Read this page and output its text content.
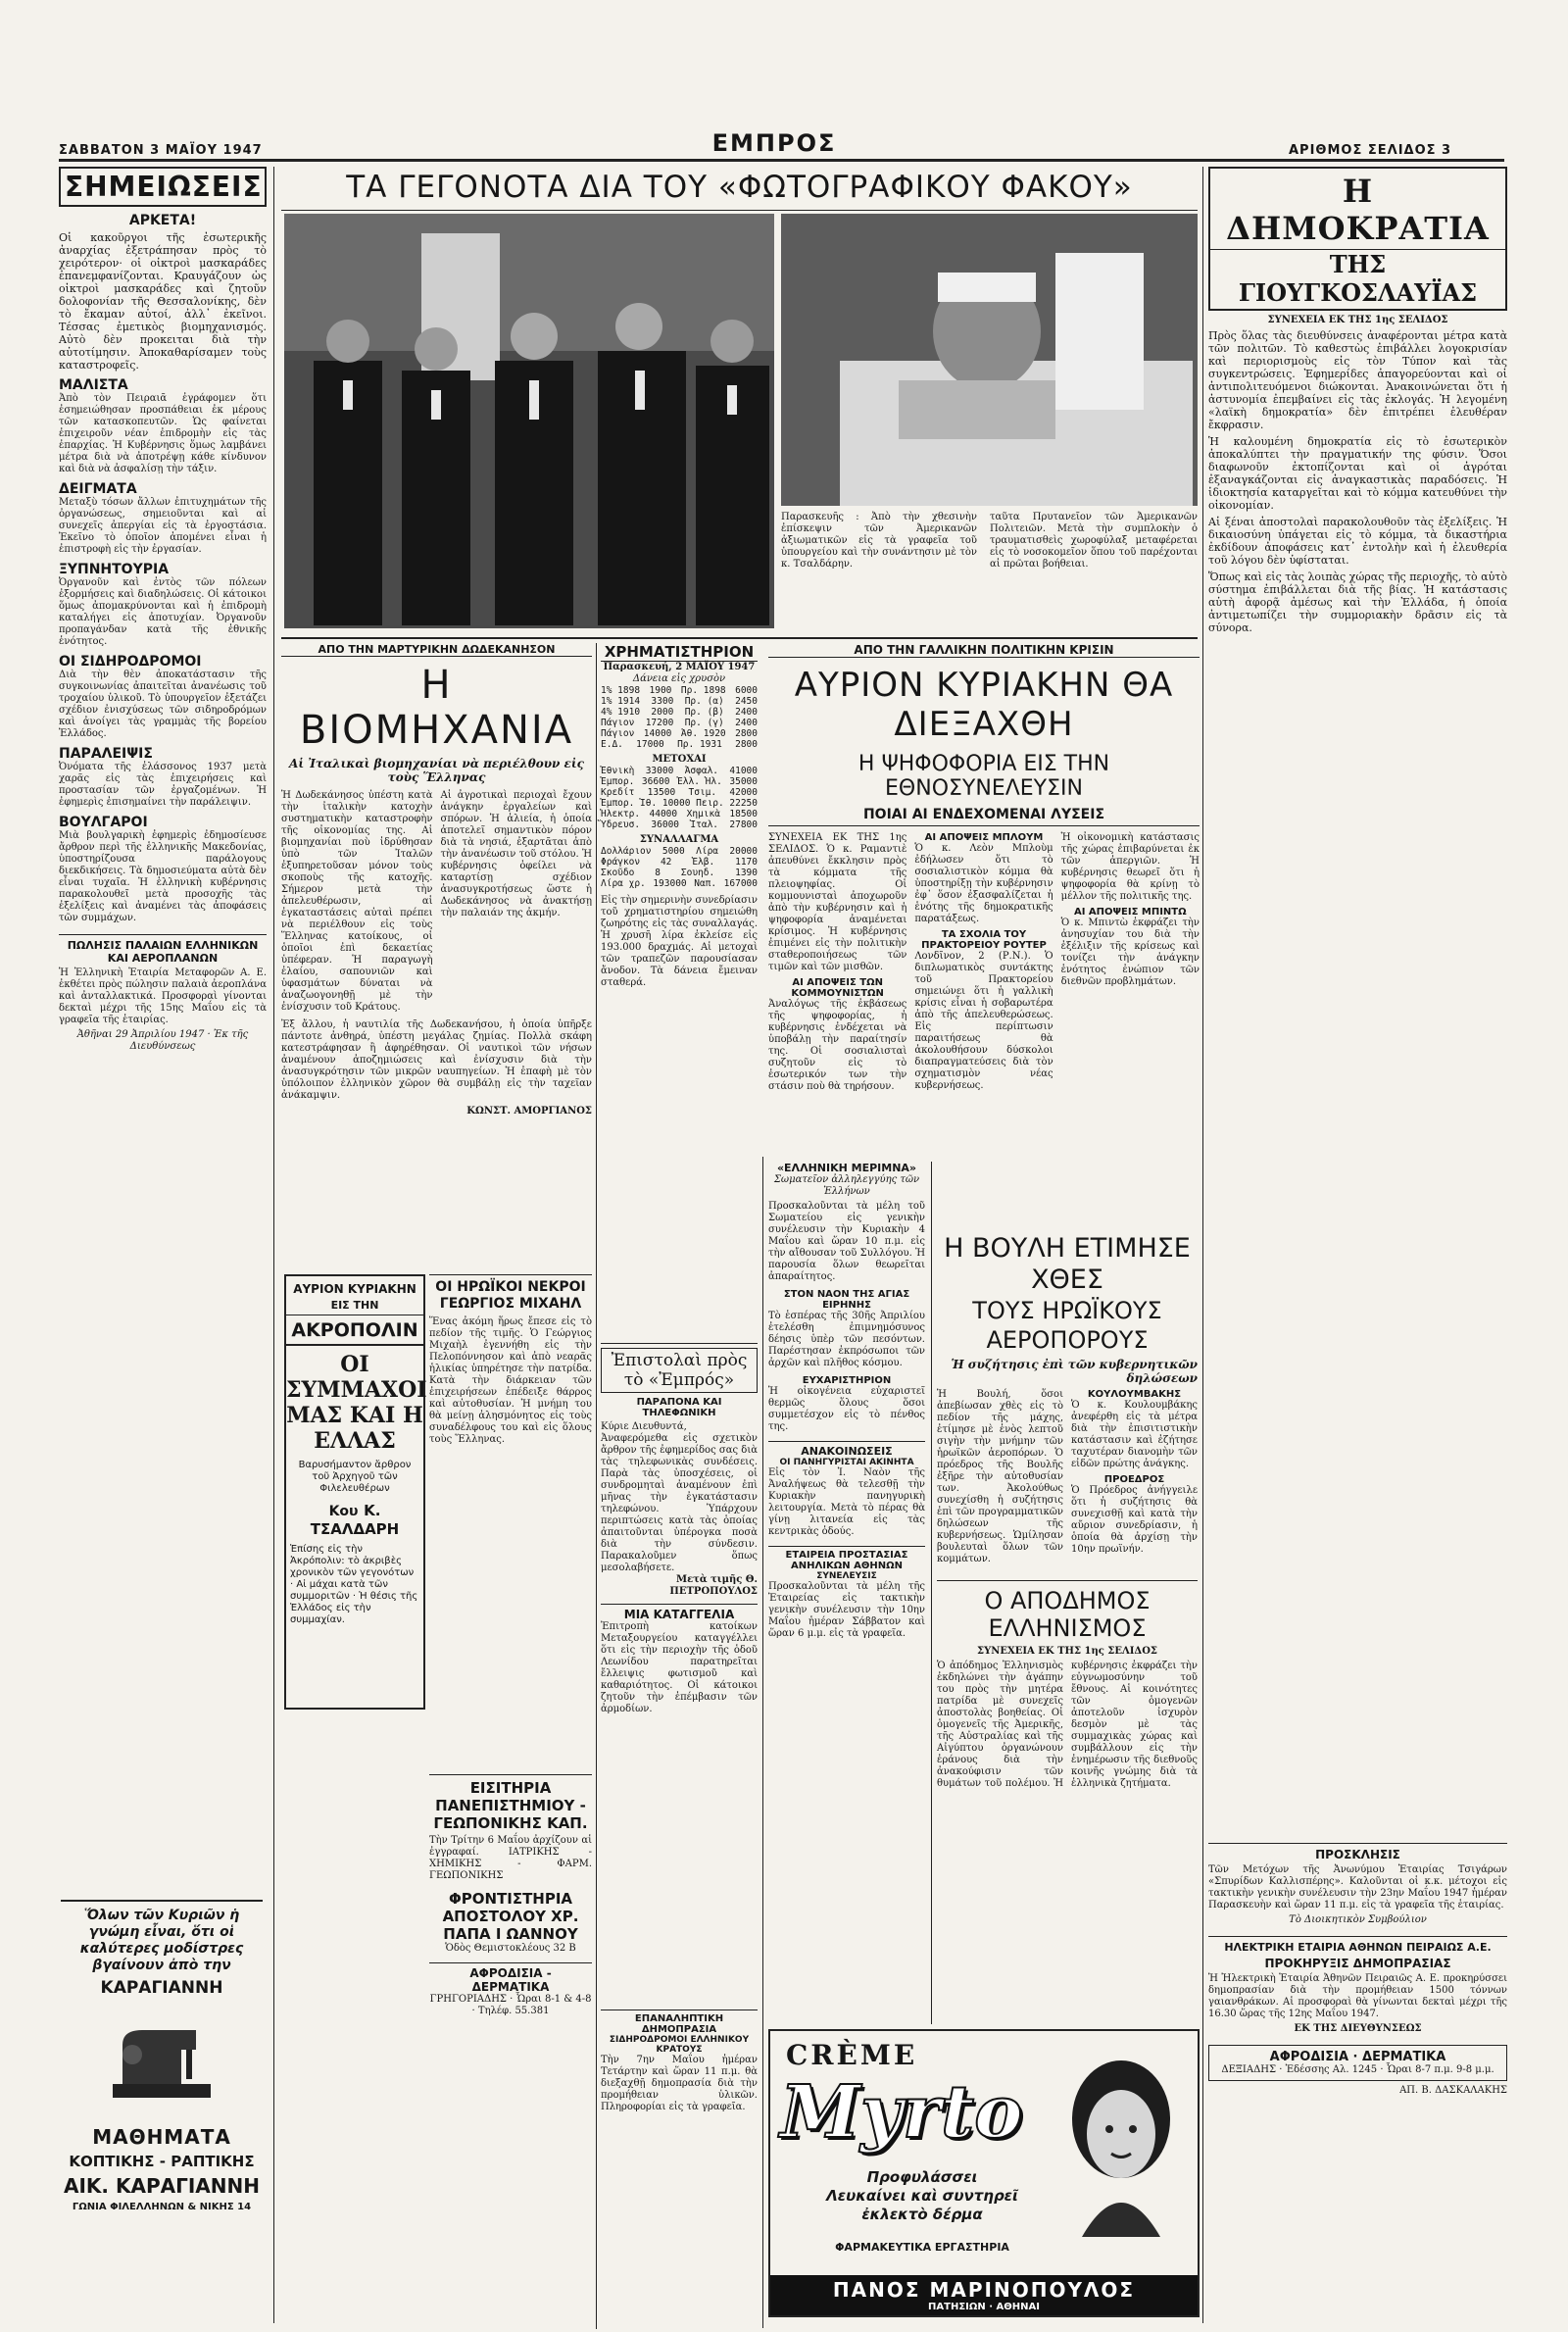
ΣΑΒΒΑΤΟΝ 3 ΜΑΪΟΥ 1947	ΕΜΠΡΟΣ	ΑΡΙΘΜΟΣ ΣΕΛΙΔΟΣ 3
ΣΗΜΕΙΩΣΕΙΣ
ΑΡΚΕΤΑ!
Οἱ κακοῦργοι τῆς ἐσωτερικῆς ἀναρχίας ἐξετράπησαν πρὸς τὸ χειρότερον· οἱ οἰκτροὶ μασκαράδες ἐπανεμφανίζονται. Κραυγάζουν ὡς οἰκτροὶ μασκαράδες καὶ ζητοῦν δολοφονίαν τῆς Θεσσαλονίκης, δὲν τὸ ἔκαμαν αὐτοί, ἀλλ᾽ ἐκεῖνοι. Τέσσας ἐμετικὸς βιομηχανισμός. Αὐτὸ δὲν προκειται διὰ τὴν αὐτοτίμησιν. Ἀποκαθαρίσαμεν τοὺς καταστροφεῖς.
ΜΑΛΙΣΤΑ
Ἀπὸ τὸν Πειραιᾶ ἐγράφομεν ὅτι ἐσημειώθησαν προσπάθειαι ἐκ μέρους τῶν κατασκοπευτῶν. Ὡς φαίνεται ἐπιχειροῦν νέαν ἐπιδρομὴν εἰς τὰς ἐπαρχίας. Ἡ Κυβέρνησις ὅμως λαμβάνει μέτρα διὰ νὰ ἀποτρέψῃ κάθε κίνδυνον καὶ διὰ νὰ ἀσφαλίσῃ τὴν τάξιν.
ΔΕΙΓΜΑΤΑ
Μεταξὺ τόσων ἄλλων ἐπιτυχημάτων τῆς ὀργανώσεως, σημειοῦνται καὶ αἱ συνεχεῖς ἀπεργίαι εἰς τὰ ἐργοστάσια. Ἐκεῖνο τὸ ὁποῖον ἀπομένει εἶναι ἡ ἐπιστροφὴ εἰς τὴν ἐργασίαν.
ΞΥΠΝΗΤΟΥΡΙΑ
Ὀργανοῦν καὶ ἐντὸς τῶν πόλεων ἐξορμήσεις καὶ διαδηλώσεις. Οἱ κάτοικοι ὅμως ἀπομακρύνονται καὶ ἡ ἐπιδρομὴ καταλήγει εἰς ἀποτυχίαν. Ὀργανοῦν προπαγάνδαν κατὰ τῆς ἐθνικῆς ἑνότητος.
ΟΙ ΣΙΔΗΡΟΔΡΟΜΟΙ
Διὰ τὴν θὲν ἀποκατάστασιν τῆς συγκοινωνίας ἀπαιτεῖται ἀνανέωσις τοῦ τροχαίου ὑλικοῦ. Τὸ ὑπουργεῖον ἐξετάζει σχέδιον ἐνισχύσεως τῶν σιδηροδρόμων καὶ ἀνοίγει τὰς γραμμὰς τῆς βορείου Ἑλλάδος.
ΠΑΡΑΛΕΙΨΙΣ
Ὀνόματα τῆς ἐλάσσονος 1937 μετὰ χαρᾶς εἰς τὰς ἐπιχειρήσεις καὶ προστασίαν τῶν ἐργαζομένων. Ἡ ἐφημερὶς ἐπισημαίνει τὴν παράλειψιν.
ΒΟΥΛΓΑΡΟΙ
Μιὰ βουλγαρικὴ ἐφημερὶς ἐδημοσίευσε ἄρθρον περὶ τῆς ἑλληνικῆς Μακεδονίας, ὑποστηρίζουσα παράλογους διεκδικήσεις. Τὰ δημοσιεύματα αὐτὰ δὲν εἶναι τυχαῖα. Ἡ ἑλληνικὴ κυβέρνησις παρακολουθεῖ μετὰ προσοχῆς τὰς ἐξελίξεις καὶ ἀναμένει τὰς ἀποφάσεις τῶν συμμάχων.
ΠΩΛΗΣΙΣ ΠΑΛΑΙΩΝ ΕΛΛΗΝΙΚΩΝ ΚΑΙ ΑΕΡΟΠΛΑΝΩΝ
Ἡ Ἑλληνικὴ Ἑταιρία Μεταφορῶν Α. Ε. ἐκθέτει πρὸς πώλησιν παλαιὰ ἀεροπλάνα καὶ ἀνταλλακτικά. Προσφοραὶ γίνονται δεκταὶ μέχρι τῆς 15ης Μαΐου εἰς τὰ γραφεῖα τῆς ἑταιρίας.
Ἀθῆναι 29 Ἀπριλίου 1947 · Ἐκ τῆς Διευθύνσεως
Ὅλων τῶν Κυριῶν ἡ γνώμη εἶναι, ὅτι οἱ καλύτερες μοδίστρες βγαίνουν ἀπὸ την
ΚΑΡΑΓΙΑΝΝΗ
ΜΑΘΗΜΑΤΑ
ΚΟΠΤΙΚΗΣ - ΡΑΠΤΙΚΗΣ
ΑΙΚ. ΚΑΡΑΓΙΑΝΝΗ
ΓΩΝΙΑ ΦΙΛΕΛΛΗΝΩΝ & ΝΙΚΗΣ 14
ΤΑ ΓΕΓΟΝΟΤΑ ΔΙΑ ΤΟΥ «ΦΩΤΟΓΡΑΦΙΚΟΥ ΦΑΚΟΥ»
Παρασκευῆς : Ἀπὸ τὴν χθεσινὴν ἐπίσκεψιν τῶν Ἀμερικανῶν ἀξιωματικῶν εἰς τὰ γραφεῖα τοῦ ὑπουργείου καὶ τὴν συνάντησιν μὲ τὸν κ. Τσαλδάρην.
ταῦτα Πρυτανεῖον τῶν Ἀμερικανῶν Πολιτειῶν. Μετὰ τὴν συμπλοκὴν ὁ τραυματισθεὶς χωροφύλαξ μεταφέρεται εἰς τὸ νοσοκομεῖον ὅπου τοῦ παρέχονται αἱ πρῶται βοήθειαι.
Η ΔΗΜΟΚΡΑΤΙΑ
ΤΗΣ ΓΙΟΥΓΚΟΣΛΑΥΪΑΣ
ΣΥΝΕΧΕΙΑ ΕΚ ΤΗΣ 1ης ΣΕΛΙΔΟΣ
Πρὸς ὅλας τὰς διευθύνσεις ἀναφέρονται μέτρα κατὰ τῶν πολιτῶν. Τὸ καθεστὼς ἐπιβάλλει λογοκρισίαν καὶ περιορισμοὺς εἰς τὸν Τύπον καὶ τὰς συγκεντρώσεις. Ἐφημερίδες ἀπαγορεύονται καὶ οἱ ἀντιπολιτευόμενοι διώκονται. Ἀνακοινώνεται ὅτι ἡ ἀστυνομία ἐπεμβαίνει εἰς τὰς ἐκλογάς. Ἡ λεγομένη «λαϊκὴ δημοκρατία» δὲν ἐπιτρέπει ἐλευθέραν ἔκφρασιν.
Ἡ καλουμένη δημοκρατία εἰς τὸ ἐσωτερικὸν ἀποκαλύπτει τὴν πραγματικήν της φύσιν. Ὅσοι διαφωνοῦν ἐκτοπίζονται καὶ οἱ ἀγρόται ἐξαναγκάζονται εἰς ἀναγκαστικὰς παραδόσεις. Ἡ ἰδιοκτησία καταργεῖται καὶ τὸ κόμμα κατευθύνει τὴν οἰκονομίαν.
Αἱ ξέναι ἀποστολαὶ παρακολουθοῦν τὰς ἐξελίξεις. Ἡ δικαιοσύνη ὑπάγεται εἰς τὸ κόμμα, τὰ δικαστήρια ἐκδίδουν ἀποφάσεις κατ᾽ ἐντολὴν καὶ ἡ ἐλευθερία τοῦ λόγου δὲν ὑφίσταται.
Ὅπως καὶ εἰς τὰς λοιπὰς χώρας τῆς περιοχῆς, τὸ αὐτὸ σύστημα ἐπιβάλλεται διὰ τῆς βίας. Ἡ κατάστασις αὐτὴ ἀφορᾷ ἀμέσως καὶ τὴν Ἑλλάδα, ἡ ὁποία ἀντιμετωπίζει τὴν συμμοριακὴν δρᾶσιν εἰς τὰ σύνορα.
ΠΡΟΣΚΛΗΣΙΣ
Τῶν Μετόχων τῆς Ἀνωνύμου Ἑταιρίας Τσιγάρων «Σπυρίδων Καλλισπέρης». Καλοῦνται οἱ κ.κ. μέτοχοι εἰς τακτικὴν γενικὴν συνέλευσιν τὴν 23ην Μαΐου 1947 ἡμέραν Παρασκευὴν καὶ ὥραν 11 π.μ. εἰς τὰ γραφεῖα τῆς ἑταιρίας.
Τὸ Διοικητικὸν Συμβούλιον
ΗΛΕΚΤΡΙΚΗ ΕΤΑΙΡΙΑ ΑΘΗΝΩΝ ΠΕΙΡΑΙΩΣ Α.Ε.
ΠΡΟΚΗΡΥΞΙΣ ΔΗΜΟΠΡΑΣΙΑΣ
Ἡ Ἠλεκτρικὴ Ἑταιρία Ἀθηνῶν Πειραιῶς Α. Ε. προκηρύσσει δημοπρασίαν διὰ τὴν προμήθειαν 1500 τόννων γαιανθράκων. Αἱ προσφοραὶ θὰ γίνωνται δεκταὶ μέχρι τῆς 16.30 ὥρας τῆς 12ης Μαΐου 1947.
ΕΚ ΤΗΣ ΔΙΕΥΘΥΝΣΕΩΣ
ΑΦΡΟΔΙΣΙΑ · ΔΕΡΜΑΤΙΚΑ
ΔΕΞΙΑΔΗΣ · Ἐδέσσης Αλ. 1245 · Ὧραι 8-7 π.μ. 9-8 μ.μ.
ΑΠ. Β. ΔΑΣΚΑΛΑΚΗΣ
ΑΠΟ ΤΗΝ ΜΑΡΤΥΡΙΚΗΝ ΔΩΔΕΚΑΝΗΣΟΝ
Η ΒΙΟΜΗΧΑΝΙΑ
Αἱ Ἰταλικαὶ βιομηχανίαι νὰ περιέλθουν εἰς τοὺς Ἕλληνας
Ἡ Δωδεκάνησος ὑπέστη κατὰ τὴν ἰταλικὴν κατοχὴν συστηματικὴν καταστροφὴν τῆς οἰκονομίας της. Αἱ βιομηχανίαι ποὺ ἱδρύθησαν ὑπὸ τῶν Ἰταλῶν ἐξυπηρετοῦσαν μόνον τοὺς σκοποὺς τῆς κατοχῆς. Σήμερον μετὰ τὴν ἀπελευθέρωσιν, αἱ ἐγκαταστάσεις αὐταὶ πρέπει νὰ περιέλθουν εἰς τοὺς Ἕλληνας κατοίκους, οἱ ὁποῖοι ἐπὶ δεκαετίας ὑπέφεραν. Ἡ παραγωγὴ ἐλαίου, σαπουνιῶν καὶ ὑφασμάτων δύναται νὰ ἀναζωογονηθῇ μὲ τὴν ἐνίσχυσιν τοῦ Κράτους.
Αἱ ἀγροτικαὶ περιοχαὶ ἔχουν ἀνάγκην ἐργαλείων καὶ σπόρων. Ἡ ἀλιεία, ἡ ὁποία ἀποτελεῖ σημαντικὸν πόρον διὰ τὰ νησιά, ἐξαρτᾶται ἀπὸ τὴν ἀνανέωσιν τοῦ στόλου. Ἡ κυβέρνησις ὀφείλει νὰ καταρτίσῃ σχέδιον ἀνασυγκροτήσεως ὥστε ἡ Δωδεκάνησος νὰ ἀνακτήσῃ τὴν παλαιάν της ἀκμήν.
Ἐξ ἄλλου, ἡ ναυτιλία τῆς Δωδεκανήσου, ἡ ὁποία ὑπῆρξε πάντοτε ἀνθηρά, ὑπέστη μεγάλας ζημίας. Πολλὰ σκάφη κατεστράφησαν ἢ ἀφηρέθησαν. Οἱ ναυτικοὶ τῶν νήσων ἀναμένουν ἀποζημιώσεις καὶ ἐνίσχυσιν διὰ τὴν ἀνασυγκρότησιν τῶν μικρῶν ναυπηγείων. Ἡ ἐπαφὴ μὲ τὸν ὑπόλοιπον ἑλληνικὸν χῶρον θὰ συμβάλῃ εἰς τὴν ταχεῖαν ἀνάκαμψιν.
ΚΩΝΣΤ. ΑΜΟΡΓΙΑΝΟΣ
ΟΙ ΗΡΩΪΚΟΙ ΝΕΚΡΟΙ ΓΕΩΡΓΙΟΣ ΜΙΧΑΗΛ
Ἕνας ἀκόμη ἥρως ἔπεσε εἰς τὸ πεδίον τῆς τιμῆς. Ὁ Γεώργιος Μιχαὴλ ἐγεννήθη εἰς τὴν Πελοπόννησον καὶ ἀπὸ νεαρᾶς ἡλικίας ὑπηρέτησε τὴν πατρίδα. Κατὰ τὴν διάρκειαν τῶν ἐπιχειρήσεων ἐπέδειξε θάρρος καὶ αὐτοθυσίαν. Ἡ μνήμη του θὰ μείνῃ ἀλησμόνητος εἰς τοὺς συναδέλφους του καὶ εἰς ὅλους τοὺς Ἕλληνας.
ΑΥΡΙΟΝ ΚΥΡΙΑΚΗΝ
ΕΙΣ ΤΗΝ
ΑΚΡΟΠΟΛΙΝ
ΟΙ ΣΥΜΜΑΧΟΙ ΜΑΣ ΚΑΙ Η ΕΛΛΑΣ
Βαρυσήμαντον ἄρθρον τοῦ Ἀρχηγοῦ τῶν Φιλελευθέρων
Κου Κ. ΤΣΑΛΔΑΡΗ
Ἐπίσης εἰς τὴν Ἀκρόπολιν: τὸ ἀκριβὲς χρονικὸν τῶν γεγονότων · Αἱ μάχαι κατὰ τῶν συμμοριτῶν · Ἡ θέσις τῆς Ἑλλάδος εἰς τὴν συμμαχίαν.
ΧΡΗΜΑΤΙΣΤΗΡΙΟΝ
Παρασκευή, 2 ΜΑΪΟΥ 1947
Δάνεια εἰς χρυσὸν
1% 1898 1900 Πρ. 1898 6000
1% 1914 3300 Πρ. (α) 2450
4% 1910 2000 Πρ. (β) 2400
Πάγιον 17200 Πρ. (γ) 2400
Πάγιον 14000 Ἀθ. 1920 2800
Ε.Δ. 17000 Πρ. 1931 2800
ΜΕΤΟΧΑΙ
Ἐθνικὴ 33000 Ἀσφαλ. 41000
Ἐμπορ. 36600 Ἑλλ. Ἠλ. 35000
Κρεδίτ 13500 Τσιμ. 42000
Ἐμπορ. Ἰθ. 10000 Πειρ. 22250
Ἠλεκτρ. 44000 Χημικὰ 18500
Ὕδρευσ. 36000 Ἰταλ. 27800
ΣΥΝΑΛΛΑΓΜΑ
Δολλάριον 5000 Λίρα 20000
Φράγκον 42 Ἑλβ. 1170
Σκοῦδο 8 Σουηδ. 1390
Λίρα χρ. 193000 Ναπ. 167000
Εἰς τὴν σημερινὴν συνεδρίασιν τοῦ χρηματιστηρίου σημειώθη ζωηρότης εἰς τὰς συναλλαγάς. Ἡ χρυσῆ λίρα ἐκλείσε εἰς 193.000 δραχμάς. Αἱ μετοχαὶ τῶν τραπεζῶν παρουσίασαν ἄνοδον. Τὰ δάνεια ἔμειναν σταθερά.
Ἐπιστολαὶ πρὸς τὸ «Ἐμπρός»
ΠΑΡΑΠΟΝΑ ΚΑΙ ΤΗΛΕΦΩΝΙΚΗ
Κύριε Διευθυντά,
Ἀναφερόμεθα εἰς σχετικὸν ἄρθρον τῆς ἐφημερίδος σας διὰ τὰς τηλεφωνικὰς συνδέσεις. Παρὰ τὰς ὑποσχέσεις, οἱ συνδρομηταὶ ἀναμένουν ἐπὶ μῆνας τὴν ἐγκατάστασιν τηλεφώνου. Ὑπάρχουν περιπτώσεις κατὰ τὰς ὁποίας ἀπαιτοῦνται ὑπέρογκα ποσὰ διὰ τὴν σύνδεσιν. Παρακαλοῦμεν ὅπως μεσολαβήσετε.
Μετὰ τιμῆς Θ. ΠΕΤΡΟΠΟΥΛΟΣ
ΜΙΑ ΚΑΤΑΓΓΕΛΙΑ
Ἐπιτροπὴ κατοίκων Μεταξουργείου καταγγέλλει ὅτι εἰς τὴν περιοχὴν τῆς ὁδοῦ Λεωνίδου παρατηρεῖται ἔλλειψις φωτισμοῦ καὶ καθαριότητος. Οἱ κάτοικοι ζητοῦν τὴν ἐπέμβασιν τῶν ἀρμοδίων.
ΕΠΑΝΑΛΗΠΤΙΚΗ ΔΗΜΟΠΡΑΣΙΑ
ΣΙΔΗΡΟΔΡΟΜΟΙ ΕΛΛΗΝΙΚΟΥ ΚΡΑΤΟΥΣ
Τὴν 7ην Μαΐου ἡμέραν Τετάρτην καὶ ὥραν 11 π.μ. θὰ διεξαχθῇ δημοπρασία διὰ τὴν προμήθειαν ὑλικῶν. Πληροφορίαι εἰς τὰ γραφεῖα.
ΕΙΣΙΤΗΡΙΑ ΠΑΝΕΠΙΣΤΗΜΙΟΥ - ΓΕΩΠΟΝΙΚΗΣ ΚΑΠ.
Τὴν Τρίτην 6 Μαΐου ἀρχίζουν αἱ ἐγγραφαί. ΙΑΤΡΙΚΗΣ - ΧΗΜΙΚΗΣ - ΦΑΡΜ. ΓΕΩΠΟΝΙΚΗΣ
ΦΡΟΝΤΙΣΤΗΡΙΑ ΑΠΟΣΤΟΛΟΥ ΧΡ. ΠΑΠΑ Ι ΩΑΝΝΟΥ
Ὁδὸς Θεμιστοκλέους 32 Β
ΑΦΡΟΔΙΣΙΑ - ΔΕΡΜΑΤΙΚΑ
ΓΡΗΓΟΡΙΑΔΗΣ · Ὧραι 8-1 & 4-8 · Τηλέφ. 55.381
ΑΠΟ ΤΗΝ ΓΑΛΛΙΚΗΝ ΠΟΛΙΤΙΚΗΝ ΚΡΙΣΙΝ
ΑΥΡΙΟΝ ΚΥΡΙΑΚΗΝ ΘΑ ΔΙΕΞΑΧΘΗ
Η ΨΗΦΟΦΟΡΙΑ ΕΙΣ ΤΗΝ ΕΘΝΟΣΥΝΕΛΕΥΣΙΝ
ΠΟΙΑΙ ΑΙ ΕΝΔΕΧΟΜΕΝΑΙ ΛΥΣΕΙΣ
ΣΥΝΕΧΕΙΑ ΕΚ ΤΗΣ 1ης ΣΕΛΙΔΟΣ. Ὁ κ. Ραμαντιὲ ἀπευθύνει ἔκκλησιν πρὸς τὰ κόμματα τῆς πλειοψηφίας. Οἱ κομμουνισταὶ ἀποχωροῦν ἀπὸ τὴν κυβέρνησιν καὶ ἡ ψηφοφορία ἀναμένεται κρίσιμος. Ἡ κυβέρνησις ἐπιμένει εἰς τὴν πολιτικὴν σταθεροποιήσεως τῶν τιμῶν καὶ τῶν μισθῶν.
ΑΙ ΑΠΟΨΕΙΣ ΤΩΝ ΚΟΜΜΟΥΝΙΣΤΩΝ
Ἀναλόγως τῆς ἐκβάσεως τῆς ψηφοφορίας, ἡ κυβέρνησις ἐνδέχεται νὰ ὑποβάλῃ τὴν παραίτησίν της. Οἱ σοσιαλισταὶ συζητοῦν εἰς τὸ ἐσωτερικόν των τὴν στάσιν ποὺ θὰ τηρήσουν.
ΑΙ ΑΠΟΨΕΙΣ ΜΠΛΟΥΜ
Ὁ κ. Λεὸν Μπλοὺμ ἐδήλωσεν ὅτι τὸ σοσιαλιστικὸν κόμμα θὰ ὑποστηρίξῃ τὴν κυβέρνησιν ἐφ᾽ ὅσον ἐξασφαλίζεται ἡ ἑνότης τῆς δημοκρατικῆς παρατάξεως.
ΤΑ ΣΧΟΛΙΑ ΤΟΥ ΠΡΑΚΤΟΡΕΙΟΥ ΡΟΥΤΕΡ
Λονδῖνον, 2 (Ρ.Ν.). Ὁ διπλωματικὸς συντάκτης τοῦ Πρακτορείου σημειώνει ὅτι ἡ γαλλικὴ κρίσις εἶναι ἡ σοβαρωτέρα ἀπὸ τῆς ἀπελευθερώσεως. Εἰς περίπτωσιν παραιτήσεως θὰ ἀκολουθήσουν δύσκολοι διαπραγματεύσεις διὰ τὸν σχηματισμὸν νέας κυβερνήσεως.
Ἡ οἰκονομικὴ κατάστασις τῆς χώρας ἐπιβαρύνεται ἐκ τῶν ἀπεργιῶν. Ἡ κυβέρνησις θεωρεῖ ὅτι ἡ ψηφοφορία θὰ κρίνῃ τὸ μέλλον τῆς πολιτικῆς της.
ΑΙ ΑΠΟΨΕΙΣ ΜΠΙΝΤΩ
Ὁ κ. Μπιντὼ ἐκφράζει τὴν ἀνησυχίαν του διὰ τὴν ἐξέλιξιν τῆς κρίσεως καὶ τονίζει τὴν ἀνάγκην ἑνότητος ἐνώπιον τῶν διεθνῶν προβλημάτων.
«ΕΛΛΗΝΙΚΗ ΜΕΡΙΜΝΑ»
Σωματεῖον ἀλληλεγγύης τῶν Ἑλλήνων
Προσκαλοῦνται τὰ μέλη τοῦ Σωματείου εἰς γενικὴν συνέλευσιν τὴν Κυριακὴν 4 Μαΐου καὶ ὥραν 10 π.μ. εἰς τὴν αἴθουσαν τοῦ Συλλόγου. Ἡ παρουσία ὅλων θεωρεῖται ἀπαραίτητος.
ΣΤΟΝ ΝΑΟΝ ΤΗΣ ΑΓΙΑΣ ΕΙΡΗΝΗΣ
Τὸ ἑσπέρας τῆς 30ῆς Ἀπριλίου ἐτελέσθη ἐπιμνημόσυνος δέησις ὑπὲρ τῶν πεσόντων. Παρέστησαν ἐκπρόσωποι τῶν ἀρχῶν καὶ πλῆθος κόσμου.
ΕΥΧΑΡΙΣΤΗΡΙΟΝ
Ἡ οἰκογένεια εὐχαριστεῖ θερμῶς ὅλους ὅσοι συμμετέσχον εἰς τὸ πένθος της.
ΑΝΑΚΟΙΝΩΣΕΙΣ
ΟΙ ΠΑΝΗΓΥΡΙΣΤΑΙ ΑΚΙΝΗΤΑ
Εἰς τὸν Ἱ. Ναὸν τῆς Ἀναλήψεως θὰ τελεσθῇ τὴν Κυριακὴν πανηγυρικὴ λειτουργία. Μετὰ τὸ πέρας θὰ γίνῃ λιτανεία εἰς τὰς κεντρικὰς ὁδούς.
ΕΤΑΙΡΕΙΑ ΠΡΟΣΤΑΣΙΑΣ ΑΝΗΛΙΚΩΝ ΑΘΗΝΩΝ
ΣΥΝΕΛΕΥΣΙΣ
Προσκαλοῦνται τὰ μέλη τῆς Ἑταιρείας εἰς τακτικὴν γενικὴν συνέλευσιν τὴν 10ην Μαΐου ἡμέραν Σάββατον καὶ ὥραν 6 μ.μ. εἰς τὰ γραφεῖα.
Η ΒΟΥΛΗ ΕΤΙΜΗΣΕ ΧΘΕΣ
ΤΟΥΣ ΗΡΩΪΚΟΥΣ ΑΕΡΟΠΟΡΟΥΣ
Ἡ συζήτησις ἐπὶ τῶν κυβερνητικῶν δηλώσεων
Ἡ Βουλή, ὅσοι ἀπεβίωσαν χθὲς εἰς τὸ πεδίον τῆς μάχης, ἐτίμησε μὲ ἑνὸς λεπτοῦ σιγὴν τὴν μνήμην τῶν ἡρωϊκῶν ἀεροπόρων. Ὁ πρόεδρος τῆς Βουλῆς ἐξῆρε τὴν αὐτοθυσίαν των. Ἀκολούθως συνεχίσθη ἡ συζήτησις ἐπὶ τῶν προγραμματικῶν δηλώσεων τῆς κυβερνήσεως. Ὡμίλησαν βουλευταὶ ὅλων τῶν κομμάτων.
ΚΟΥΛΟΥΜΒΑΚΗΣ
Ὁ κ. Κουλουμβάκης ἀνεφέρθη εἰς τὰ μέτρα διὰ τὴν ἐπισιτιστικὴν κατάστασιν καὶ ἐζήτησε ταχυτέραν διανομὴν τῶν εἰδῶν πρώτης ἀνάγκης.
ΠΡΟΕΔΡΟΣ
Ὁ Πρόεδρος ἀνήγγειλε ὅτι ἡ συζήτησις θὰ συνεχισθῇ καὶ κατὰ τὴν αὔριον συνεδρίασιν, ἡ ὁποία θὰ ἀρχίσῃ τὴν 10ην πρωϊνήν.
Ο ΑΠΟΔΗΜΟΣ ΕΛΛΗΝΙΣΜΟΣ
ΣΥΝΕΧΕΙΑ ΕΚ ΤΗΣ 1ης ΣΕΛΙΔΟΣ
Ὁ ἀπόδημος Ἑλληνισμὸς ἐκδηλώνει τὴν ἀγάπην του πρὸς τὴν μητέρα πατρίδα μὲ συνεχεῖς ἀποστολὰς βοηθείας. Οἱ ὁμογενεῖς τῆς Ἀμερικῆς, τῆς Αὐστραλίας καὶ τῆς Αἰγύπτου ὀργανώνουν ἐράνους διὰ τὴν ἀνακούφισιν τῶν θυμάτων τοῦ πολέμου. Ἡ κυβέρνησις ἐκφράζει τὴν εὐγνωμοσύνην τοῦ ἔθνους. Αἱ κοινότητες τῶν ὁμογενῶν ἀποτελοῦν ἰσχυρὸν δεσμὸν μὲ τὰς συμμαχικὰς χώρας καὶ συμβάλλουν εἰς τὴν ἐνημέρωσιν τῆς διεθνοῦς κοινῆς γνώμης διὰ τὰ ἑλληνικὰ ζητήματα.
CRÈME
Myrto
Προφυλάσσει
Λευκαίνει καὶ συντηρεῖ
ἐκλεκτὸ δέρμα
ΦΑΡΜΑΚΕΥΤΙΚΑ ΕΡΓΑΣΤΗΡΙΑ
ΠΑΝΟΣ ΜΑΡΙΝΟΠΟΥΛΟΣ
ΠΑΤΗΣΙΩΝ · ΑΘΗΝΑΙ
